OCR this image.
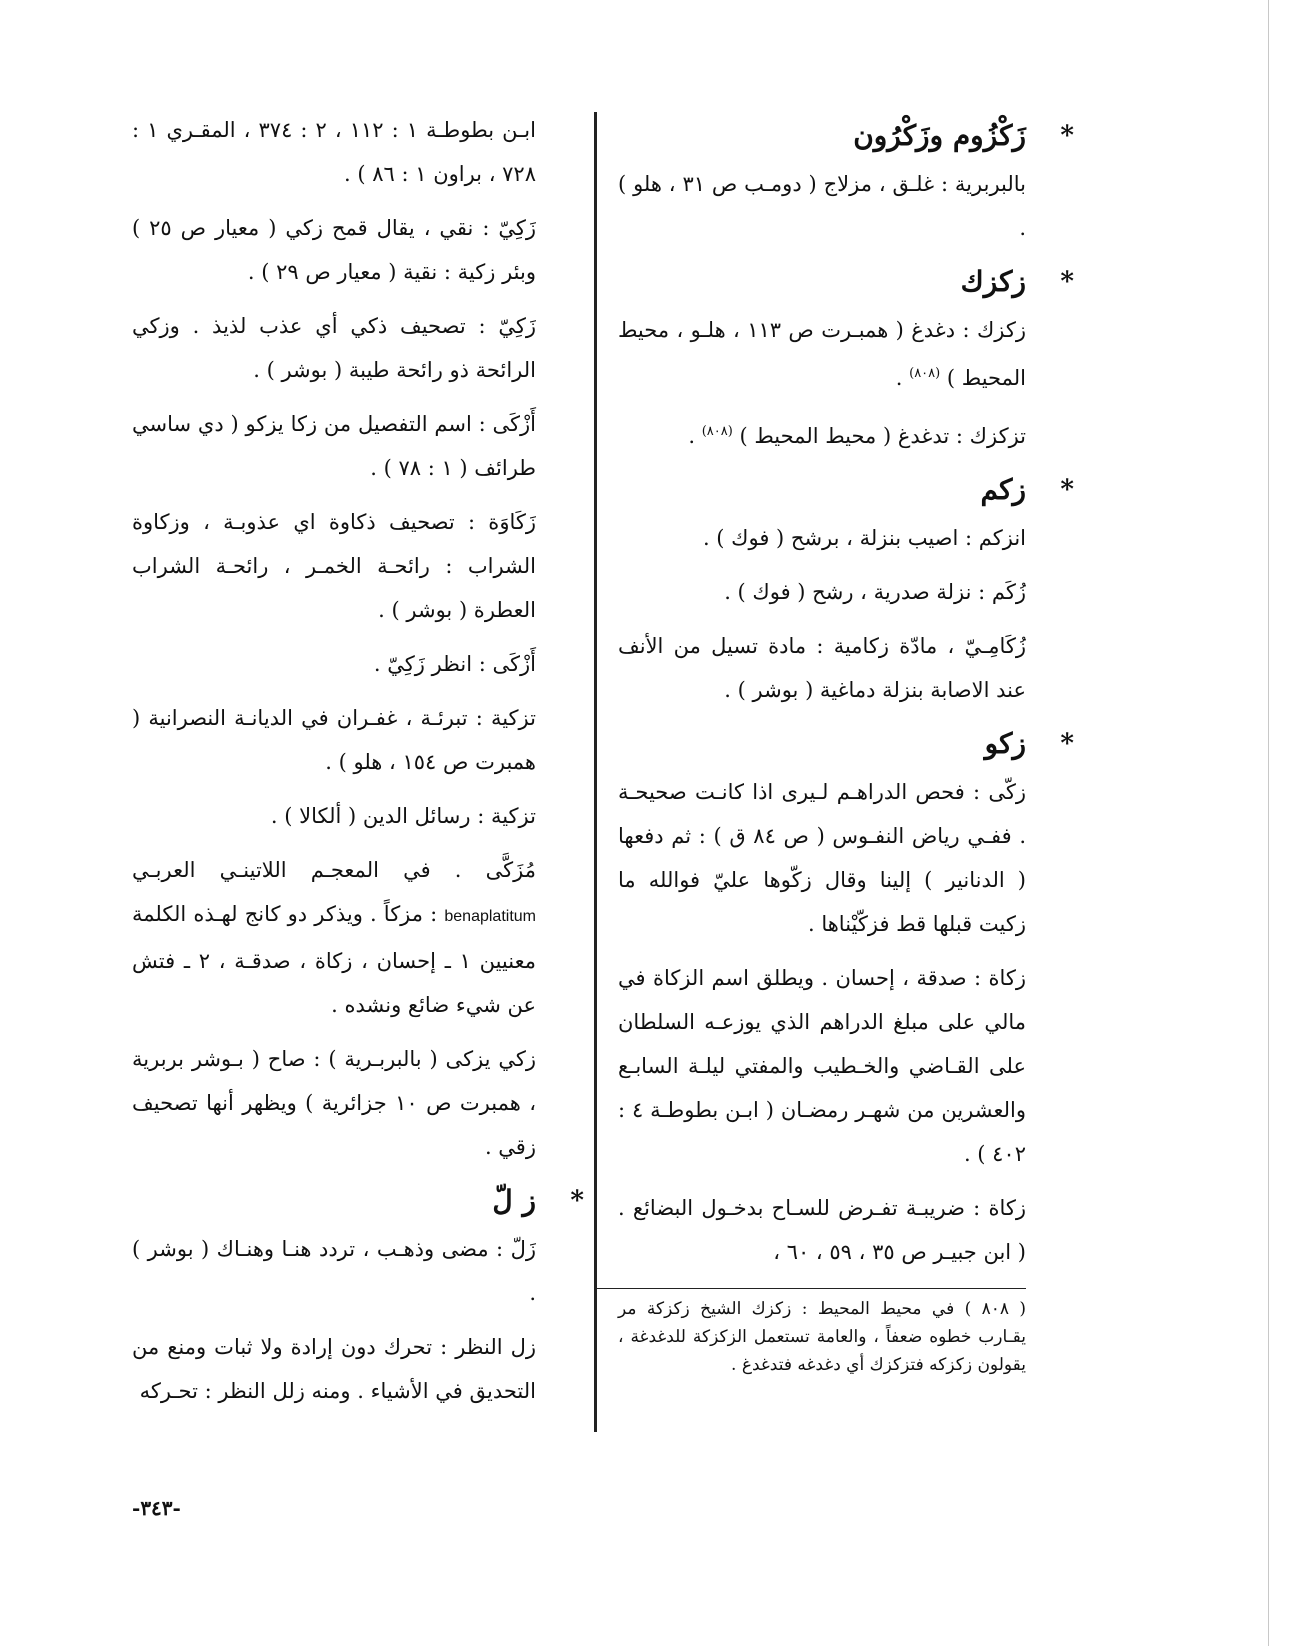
*
زَكْزُوم وزَكْرُون
بالبربرية : غلـق ، مزلاج ( دومـب ص ٣١ ، هلو ) .
*
زكزك
زكزك : دغدغ ( همبـرت ص ١١٣ ، هلـو ، محيط المحيط ) $^{(٨٠٨)}$ .
تزكزك : تدغدغ ( محيط المحيط ) $^{(٨٠٨)}$ .
*
زكم
انزكم : اصيب بنزلة ، برشح ( فوك ) .
زُكَم : نزلة صدرية ، رشح ( فوك ) .
زُكَامِـيّ ، مادّة زكامية : مادة تسيل من الأنف عند الاصابة بنزلة دماغية ( بوشر ) .
*
زكو
زكّى : فحص الدراهـم لـيرى اذا كانـت صحيحـة . ففـي رياض النفـوس ( ص ٨٤ ق ) : ثم دفعها ( الدنانير ) إلينا وقال زكّوها عليّ فوالله ما زكيت قبلها قط فزكّيْناها .
زكاة : صدقة ، إحسان . ويطلق اسم الزكاة في مالي على مبلغ الدراهم الذي يوزعـه السلطان على القـاضي والخـطيب والمفتي ليلـة السابـع والعشرين من شهـر رمضـان ( ابـن بطوطـة ٤ : ٤٠٢ ) .
زكاة : ضريبـة تفـرض للسـاح بدخـول البضائع . ( ابن جبيـر ص ٣٥ ، ٥٩ ، ٦٠ ،
( ٨٠٨ ) في محيط المحيط : زكزك الشيخ زكزكة مر يقـارب خطوه ضعفاً ، والعامة تستعمل الزكزكة للدغدغة ، يقولون زكزكه فتزكزك أي دغدغه فتدغدغ .
ابـن بطوطـة ١ : ١١٢ ، ٢ : ٣٧٤ ، المقـري ١ : ٧٢٨ ، براون ١ : ٨٦ ) .
زَكِيّ : نقي ، يقال قمح زكي ( معيار ص ٢٥ ) وبئر زكية : نقية ( معيار ص ٢٩ ) .
زَكِيّ : تصحيف ذكي أي عذب لذيذ . وزكي الرائحة ذو رائحة طيبة ( بوشر ) .
أَزْكَى : اسم التفصيل من زكا يزكو ( دي ساسي طرائف ( ١ : ٧٨ ) .
زَكَاوَة : تصحيف ذكاوة اي عذوبـة ، وزكاوة الشراب : رائحـة الخمـر ، رائحـة الشراب العطرة ( بوشر ) .
أَزْكَى : انظر زَكِيّ .
تزكية : تبرئـة ، غفـران في الديانـة النصرانية ( همبرت ص ١٥٤ ، هلو ) .
تزكية : رسائل الدين ( ألكالا ) .
مُزَكَّى . في المعجـم اللاتينـي العربـي benaplatitum : مزكاً . ويذكر دو كانج لهـذه الكلمة معنيين ١ ـ إحسان ، زكاة ، صدقـة ، ٢ ـ فتش عن شيء ضائع ونشده .
زكي يزكى ( بالبربـرية ) : صاح ( بـوشر بربرية ، همبرت ص ١٠ جزائرية ) ويظهر أنها تصحيف زقي .
*
ز لّ
زَلّ : مضى وذهـب ، تردد هنـا وهنـاك ( بوشر ) .
زل النظر : تحرك دون إرادة ولا ثبات ومنع من التحديق في الأشياء . ومنه زلل النظر : تحـركه
-٣٤٣-
